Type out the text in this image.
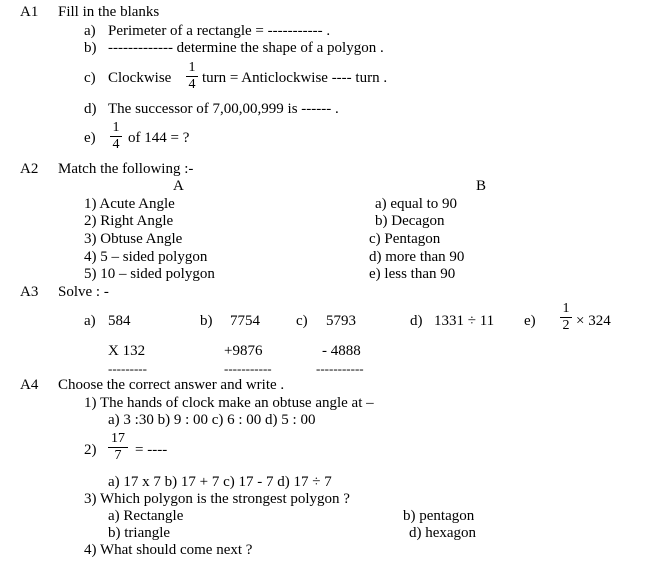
A1 Fill in the blanks
a) Perimeter of a rectangle = ----------- .
b) ------------- determine the shape of a polygon .
c) Clockwise
1
4 turn = Anticlockwise ---- turn .
d) The successor of 7,00,00,999 is ------ .
e)
1
4 of 144 = ?
A2 Match the following :-
A	B
1) Acute Angle
2) Right Angle
3) Obtuse Angle
4) 5 – sided polygon
5) 10 – sided polygon
a) equal to 90
b) Decagon
c) Pentagon
d) more than 90
e) less than 90
A3 Solve : -
a) 584
X 132
---------
b) 7754
+9876
-----------
c) 5793
- 4888
-----------
d) 1331 ÷ 11 e)
1
2 × 324
A4 Choose the correct answer and write .
1) The hands of clock make an obtuse angle at –
a) 3 :30 b) 9 : 00 c) 6 : 00 d) 5 : 00
2)
17
7 = ----
a) 17 x 7 b) 17 + 7 c) 17 - 7 d) 17 ÷ 7
3) Which polygon is the strongest polygon ?
a) Rectangle
b) triangle
b) pentagon
d) hexagon
4) What should come next ?
